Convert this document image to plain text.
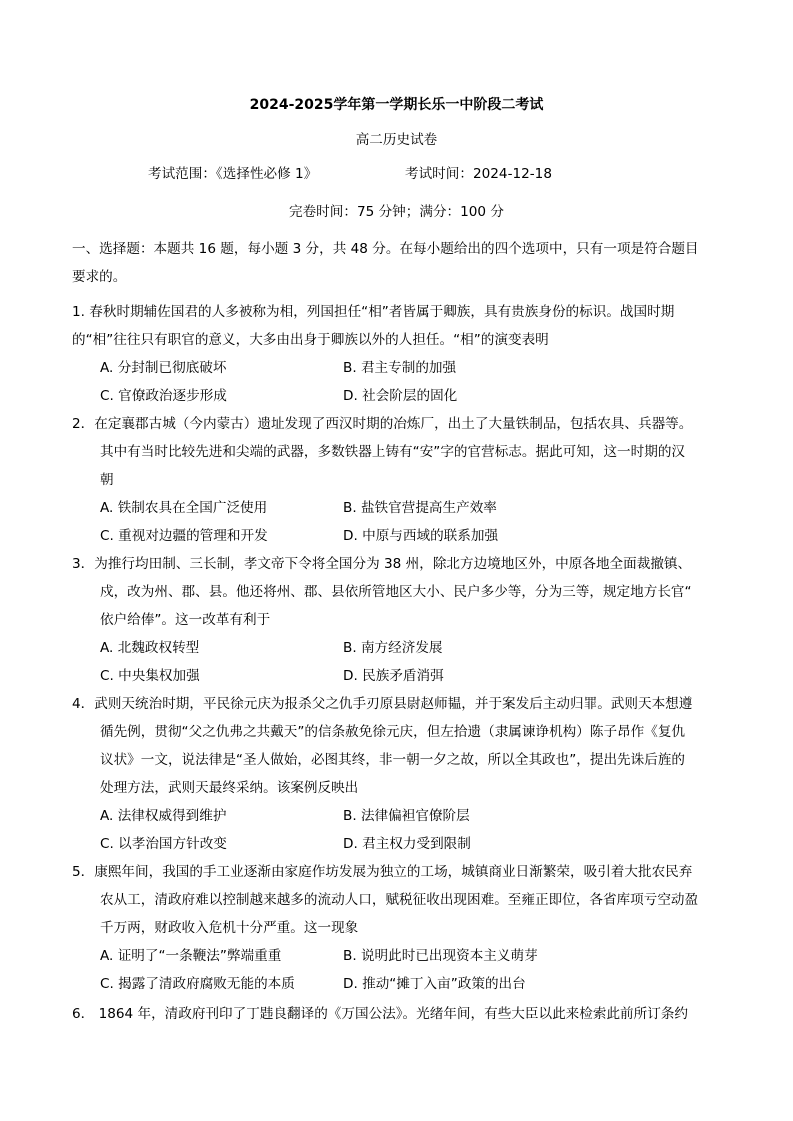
2024-2025学年第一学期长乐一中阶段二考试
高二历史试卷
考试范围：《选择性必修 1》	考试时间：2024-12-18
完卷时间：75 分钟；满分：100 分
一、选择题：本题共 16 题，每小题 3 分，共 48 分。在每小题给出的四个选项中，只有一项是符合题目
要求的。
1. 春秋时期辅佐国君的人多被称为相，列国担任“相”者皆属于卿族，具有贵族身份的标识。战国时期
的“相”往往只有职官的意义，大多由出身于卿族以外的人担任。“相”的演变表明
A. 分封制已彻底破坏	B. 君主专制的加强
C. 官僚政治逐步形成	D. 社会阶层的固化
2．在定襄郡古城（今内蒙古）遗址发现了西汉时期的冶炼厂，出土了大量铁制品，包括农具、兵器等。
其中有当时比较先进和尖端的武器，多数铁器上铸有“安”字的官营标志。据此可知，这一时期的汉
朝
A. 铁制农具在全国广泛使用	B. 盐铁官营提高生产效率
C. 重视对边疆的管理和开发	D. 中原与西域的联系加强
3．为推行均田制、三长制，孝文帝下令将全国分为 38 州，除北方边境地区外，中原各地全面裁撤镇、
戍，改为州、郡、县。他还将州、郡、县依所管地区大小、民户多少等，分为三等，规定地方长官“
依户给俸”。这一改革有利于
A. 北魏政权转型	B. 南方经济发展
C. 中央集权加强	D. 民族矛盾消弭
4．武则天统治时期，平民徐元庆为报杀父之仇手刃原县尉赵师韫，并于案发后主动归罪。武则天本想遵
循先例，贯彻“父之仇弗之共戴天”的信条赦免徐元庆，但左拾遗（隶属谏诤机构）陈子昂作《复仇
议状》一文，说法律是“圣人做始，必图其终，非一朝一夕之故，所以全其政也”，提出先诛后旌的
处理方法，武则天最终采纳。该案例反映出
A. 法律权威得到维护	B. 法律偏袒官僚阶层
C. 以孝治国方针改变	D. 君主权力受到限制
5．康熙年间，我国的手工业逐渐由家庭作坊发展为独立的工场，城镇商业日渐繁荣，吸引着大批农民弃
农从工，清政府难以控制越来越多的流动人口，赋税征收出现困难。至雍正即位，各省库项亏空动盈
千万两，财政收入危机十分严重。这一现象
A. 证明了“一条鞭法”弊端重重	B. 说明此时已出现资本主义萌芽
C. 揭露了清政府腐败无能的本质	D. 推动“摊丁入亩”政策的出台
6． 1864 年，清政府刊印了丁韪良翻译的《万国公法》。光绪年间，有些大臣以此来检索此前所订条约
